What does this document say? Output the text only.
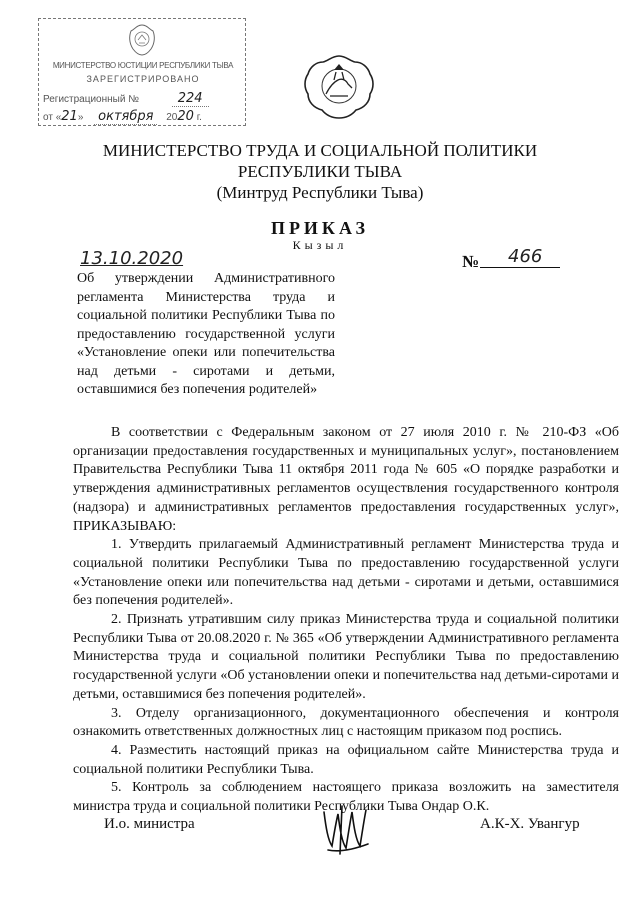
МИНИСТЕРСТВО ЮСТИЦИИ РЕСПУБЛИКИ ТЫВА
ЗАРЕГИСТРИРОВАНО
Регистрационный №	224
от «21» октября 2020 г.
МИНИСТЕРСТВО ТРУДА И СОЦИАЛЬНОЙ ПОЛИТИКИ
РЕСПУБЛИКИ ТЫВА
(Минтруд Республики Тыва)
ПРИКАЗ
Кызыл
13.10.2020	№	466
Об утверждении Административного регламента Министерства труда и социальной политики Республики Тыва по предоставлению государственной услуги «Установление опеки или попечительства над детьми - сиротами и детьми, оставшимися без попечения родителей»

В соответствии с Федеральным законом от 27 июля 2010 г. № 210-ФЗ «Об организации предоставления государственных и муниципальных услуг», постановлением Правительства Республики Тыва 11 октября 2011 года № 605 «О порядке разработки и утверждения административных регламентов осуществления государственного контроля (надзора) и административных регламентов предоставления государственных услуг», ПРИКАЗЫВАЮ:

1. Утвердить прилагаемый Административный регламент Министерства труда и социальной политики Республики Тыва по предоставлению государственной услуги «Установление опеки или попечительства над детьми - сиротами и детьми, оставшимися без попечения родителей».

2. Признать утратившим силу приказ Министерства труда и социальной политики Республики Тыва от 20.08.2020 г. № 365 «Об утверждении Административного регламента Министерства труда и социальной политики Республики Тыва по предоставлению государственной услуги «Об установлении опеки и попечительства над детьми-сиротами и детьми, оставшимися без попечения родителей».

3. Отделу организационного, документационного обеспечения и контроля ознакомить ответственных должностных лиц с настоящим приказом под роспись.

4. Разместить настоящий приказ на официальном сайте Министерства труда и социальной политики Республики Тыва.

5. Контроль за соблюдением настоящего приказа возложить на заместителя министра труда и социальной политики Республики Тыва Ондар О.К.

И.о. министра	А.К-Х. Увангур
